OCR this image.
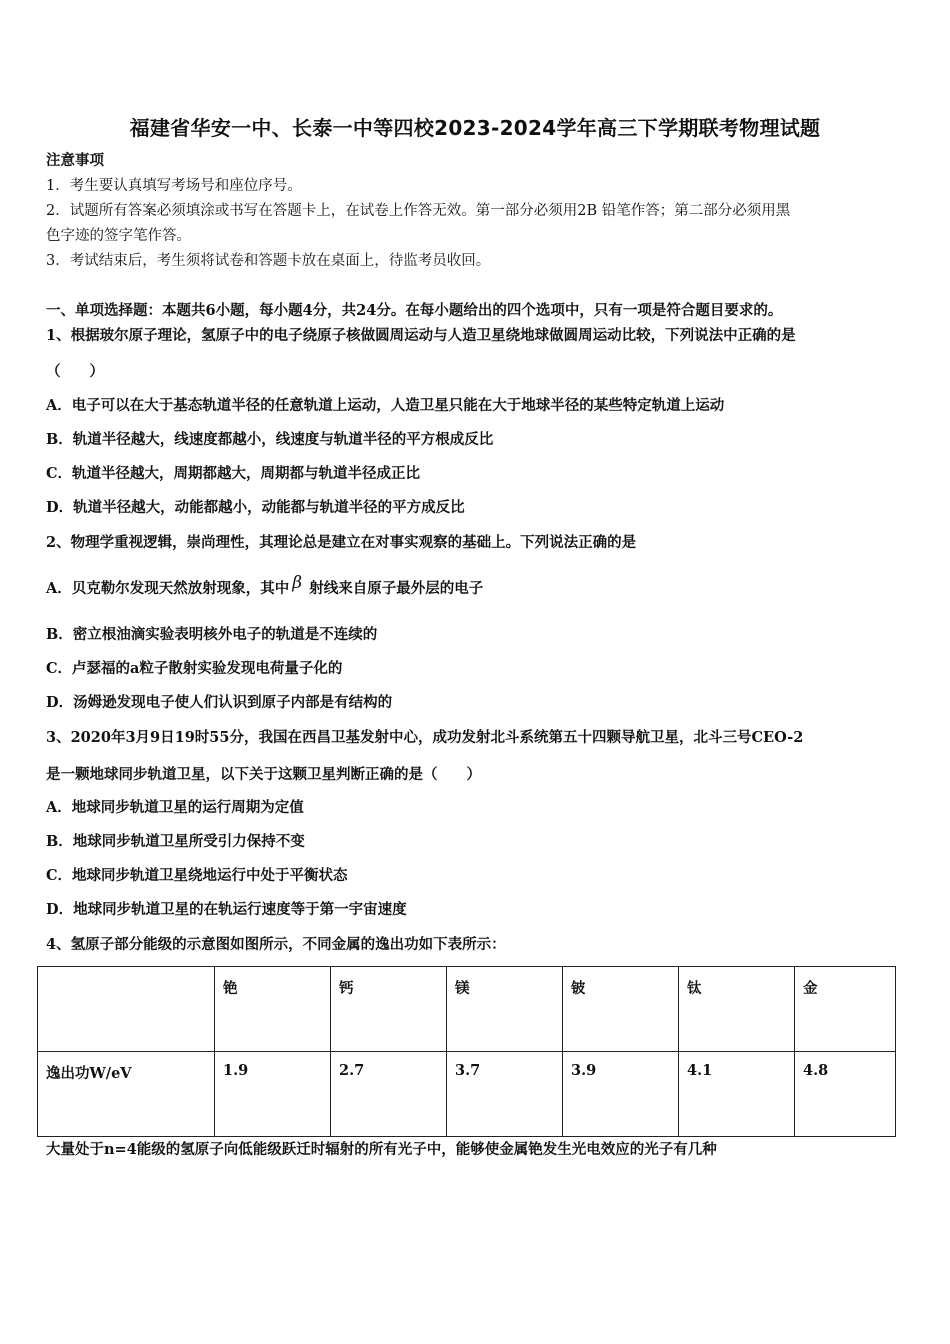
福建省华安一中、长泰一中等四校2023-2024学年高三下学期联考物理试题
注意事项
1．考生要认真填写考场号和座位序号。
2．试题所有答案必须填涂或书写在答题卡上，在试卷上作答无效。第一部分必须用2B 铅笔作答；第二部分必须用黑
色字迹的签字笔作答。
3．考试结束后，考生须将试卷和答题卡放在桌面上，待监考员收回。
一、单项选择题：本题共6小题，每小题4分，共24分。在每小题给出的四个选项中，只有一项是符合题目要求的。
1、根据玻尔原子理论，氢原子中的电子绕原子核做圆周运动与人造卫星绕地球做圆周运动比较，下列说法中正确的是
（　　）
A．电子可以在大于基态轨道半径的任意轨道上运动，人造卫星只能在大于地球半径的某些特定轨道上运动
B．轨道半径越大，线速度都越小，线速度与轨道半径的平方根成反比
C．轨道半径越大，周期都越大，周期都与轨道半径成正比
D．轨道半径越大，动能都越小，动能都与轨道半径的平方成反比
2、物理学重视逻辑，崇尚理性，其理论总是建立在对事实观察的基础上。下列说法正确的是
A．贝克勒尔发现天然放射现象，其中 β 射线来自原子最外层的电子
B．密立根油滴实验表明核外电子的轨道是不连续的
C．卢瑟福的a粒子散射实验发现电荷量子化的
D．汤姆逊发现电子使人们认识到原子内部是有结构的
3、2020年3月9日19时55分，我国在西昌卫基发射中心，成功发射北斗系统第五十四颗导航卫星，北斗三号CEO-2
是一颗地球同步轨道卫星，以下关于这颗卫星判断正确的是（　　）
A．地球同步轨道卫星的运行周期为定值
B．地球同步轨道卫星所受引力保持不变
C．地球同步轨道卫星绕地运行中处于平衡状态
D．地球同步轨道卫星的在轨运行速度等于第一宇宙速度
4、氢原子部分能级的示意图如图所示，不同金属的逸出功如下表所示：
	铯	钙	镁	铍	钛	金
逸出功W/eV	1.9	2.7	3.7	3.9	4.1	4.8
大量处于n=4能级的氢原子向低能级跃迁时辐射的所有光子中，能够使金属铯发生光电效应的光子有几种
